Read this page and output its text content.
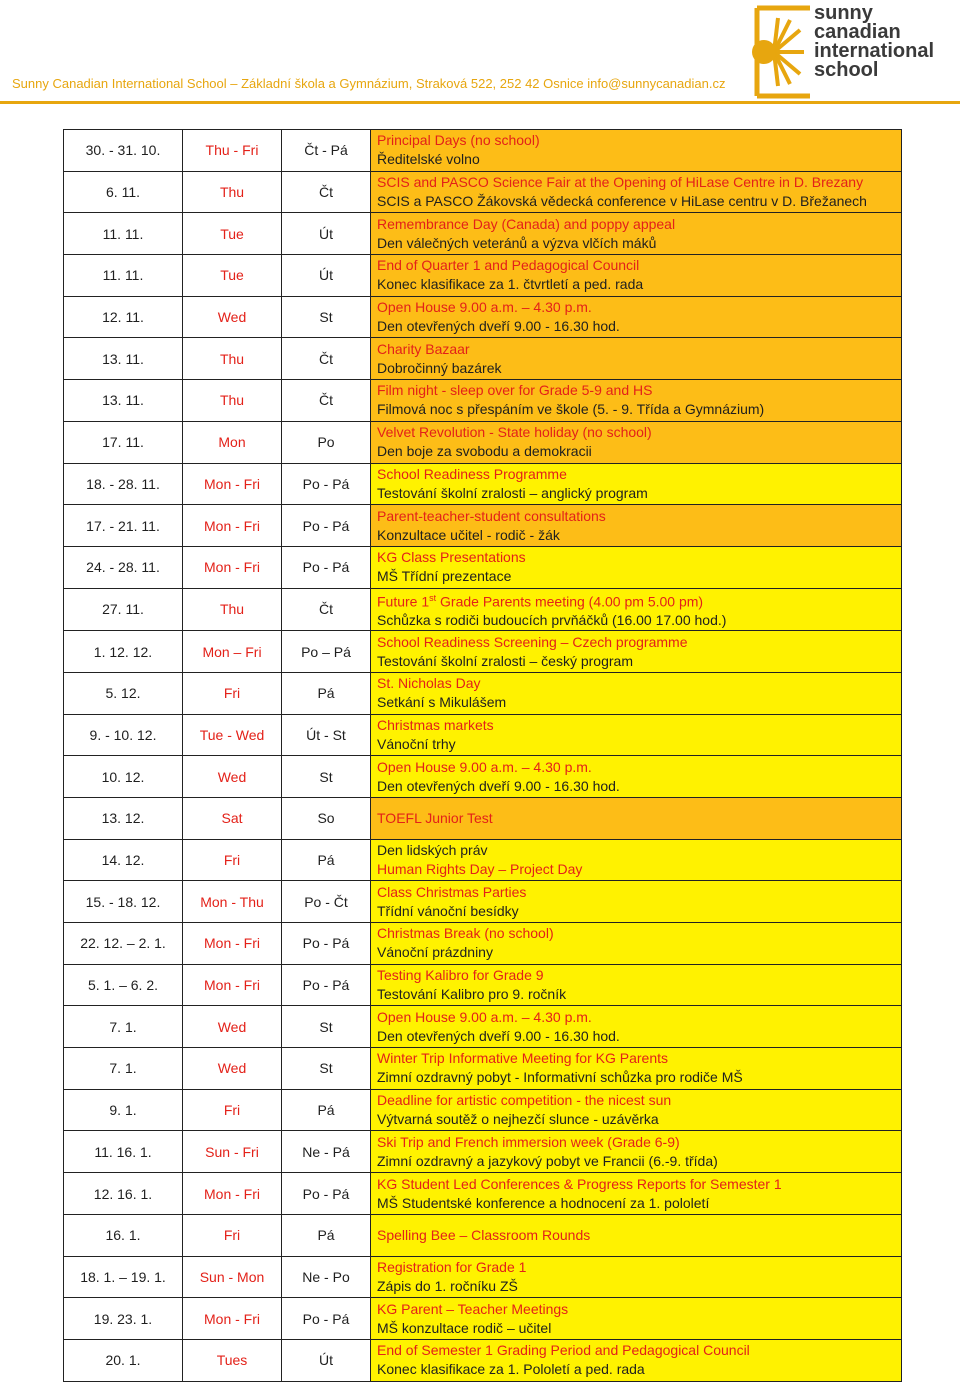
Sunny Canadian International School – Základní škola a Gymnázium, Straková 522, 252 42 Osnice info@sunnycanadian.cz
sunny
canadian
international
school
30. - 31. 10.	Thu - Fri	Čt - Pá	Principal Days (no school)
Ředitelské volno

6. 11.	Thu	Čt	SCIS and PASCO Science Fair at the Opening of HiLase Centre in D. Brezany
SCIS a PASCO Žákovská vědecká conference v HiLase centru v D. Břežanech

11. 11.	Tue	Út	Remembrance Day (Canada) and poppy appeal
Den válečných veteránů a výzva vlčích máků

11. 11.	Tue	Út	End of Quarter 1 and Pedagogical Council
Konec klasifikace za 1. čtvrtletí a ped. rada

12. 11.	Wed	St	Open House 9.00 a.m. – 4.30 p.m.
Den otevřených dveří 9.00 - 16.30 hod.

13. 11.	Thu	Čt	Charity Bazaar
Dobročinný bazárek

13. 11.	Thu	Čt	Film night - sleep over for Grade 5-9 and HS
Filmová noc s přespáním ve škole (5. - 9. Třída a Gymnázium)

17. 11.	Mon	Po	Velvet Revolution - State holiday (no school)
Den boje za svobodu a demokracii

18. - 28. 11.	Mon - Fri	Po - Pá	School Readiness Programme
Testování školní zralosti – anglický program

17. - 21. 11.	Mon - Fri	Po - Pá	Parent-teacher-student consultations
Konzultace učitel - rodič - žák

24. - 28. 11.	Mon - Fri	Po - Pá	KG Class Presentations
MŠ Třídní prezentace

27. 11.	Thu	Čt	Future 1st Grade Parents meeting (4.00 pm 5.00 pm)
Schůzka s rodiči budoucích prvňáčků (16.00 17.00 hod.)

1. 12. 12.	Mon – Fri	Po – Pá	School Readiness Screening – Czech programme
Testování školní zralosti – český program

5. 12.	Fri	Pá	St. Nicholas Day
Setkání s Mikulášem

9. - 10. 12.	Tue - Wed	Út - St	Christmas markets
Vánoční trhy

10. 12.	Wed	St	Open House 9.00 a.m. – 4.30 p.m.
Den otevřených dveří 9.00 - 16.30 hod.

13. 12.	Sat	So	TOEFL Junior Test

14. 12.	Fri	Pá	Den lidských práv
Human Rights Day – Project Day

15. - 18. 12.	Mon - Thu	Po - Čt	Class Christmas Parties
Třídní vánoční besídky

22. 12. – 2. 1.	Mon - Fri	Po - Pá	Christmas Break (no school)
Vánoční prázdniny

5. 1. – 6. 2.	Mon - Fri	Po - Pá	Testing Kalibro for Grade 9
Testování Kalibro pro 9. ročník

7. 1.	Wed	St	Open House 9.00 a.m. – 4.30 p.m.
Den otevřených dveří 9.00 - 16.30 hod.

7. 1.	Wed	St	Winter Trip Informative Meeting for KG Parents
Zimní ozdravný pobyt - Informativní schůzka pro rodiče MŠ

9. 1.	Fri	Pá	Deadline for artistic competition - the nicest sun
Výtvarná soutěž o nejhezčí slunce - uzávěrka

11. 16. 1.	Sun - Fri	Ne - Pá	Ski Trip and French immersion week (Grade 6-9)
Zimní ozdravný a jazykový pobyt ve Francii (6.-9. třída)

12. 16. 1.	Mon - Fri	Po - Pá	KG Student Led Conferences & Progress Reports for Semester 1
MŠ Studentské konference a hodnocení za 1. pololetí

16. 1.	Fri	Pá	Spelling Bee – Classroom Rounds

18. 1. – 19. 1.	Sun - Mon	Ne - Po	Registration for Grade 1
Zápis do 1. ročníku ZŠ

19. 23. 1.	Mon - Fri	Po - Pá	KG Parent – Teacher Meetings
MŠ konzultace rodič – učitel

20. 1.	Tues	Út	End of Semester 1 Grading Period and Pedagogical Council
Konec klasifikace za 1. Pololetí a ped. rada
